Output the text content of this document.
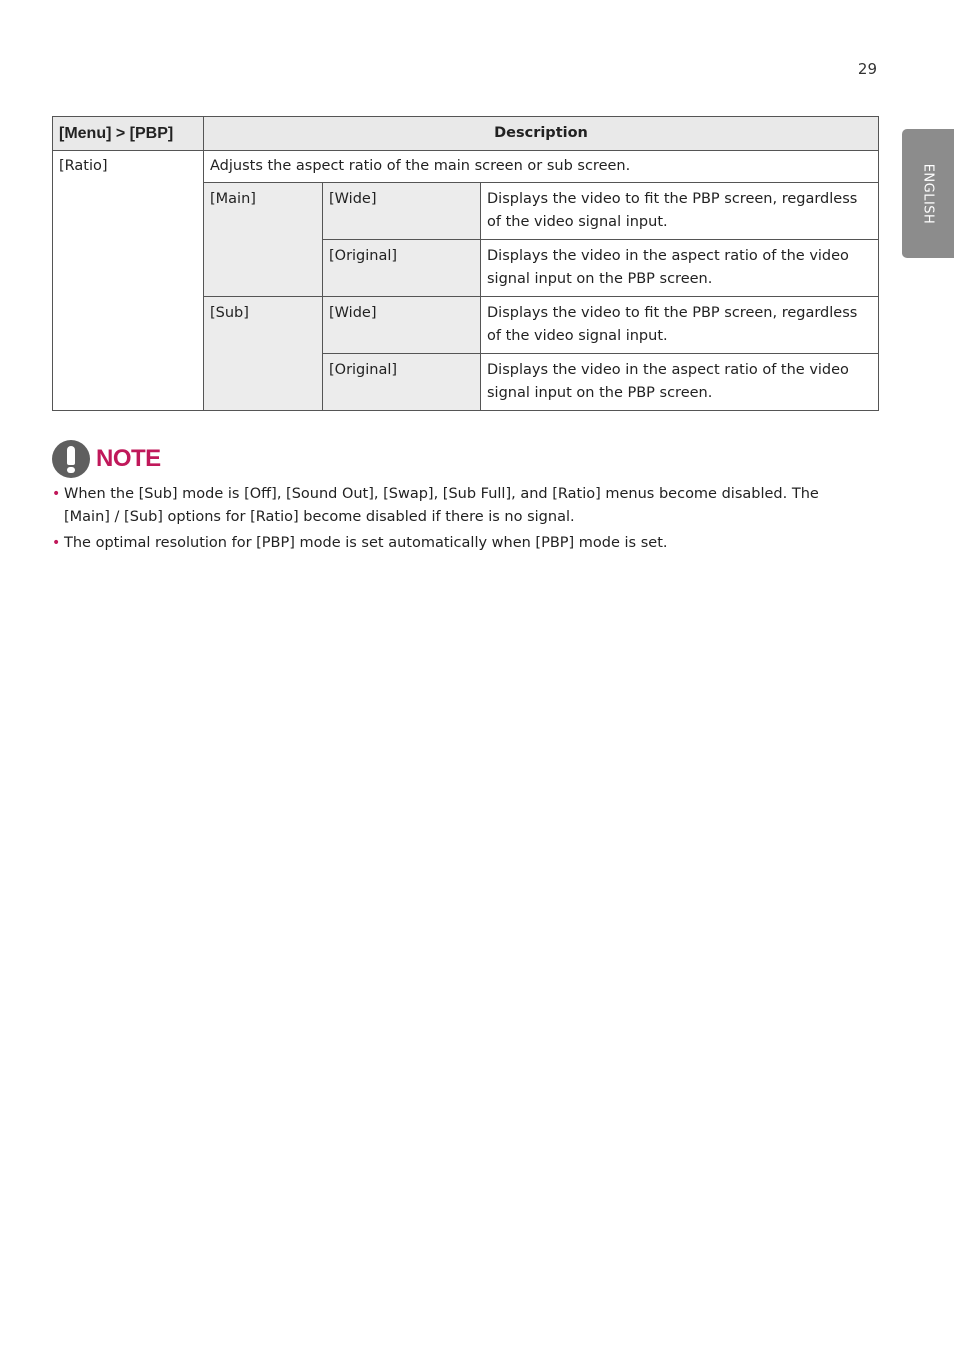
29
ENGLISH
[Menu] > [PBP]	Description		
[Ratio]	Adjusts the aspect ratio of the main screen or sub screen.		
	[Main]	[Wide]	Displays the video to fit the PBP screen, regardless of the video signal input.
		[Original]	Displays the video in the aspect ratio of the video signal input on the PBP screen.
	[Sub]	[Wide]	Displays the video to fit the PBP screen, regardless of the video signal input.
		[Original]	Displays the video in the aspect ratio of the video signal input on the PBP screen.
NOTE
• When the [Sub] mode is [Off], [Sound Out], [Swap], [Sub Full], and [Ratio] menus become disabled. The [Main] / [Sub] options for [Ratio] become disabled if there is no signal.
• The optimal resolution for [PBP] mode is set automatically when [PBP] mode is set.
